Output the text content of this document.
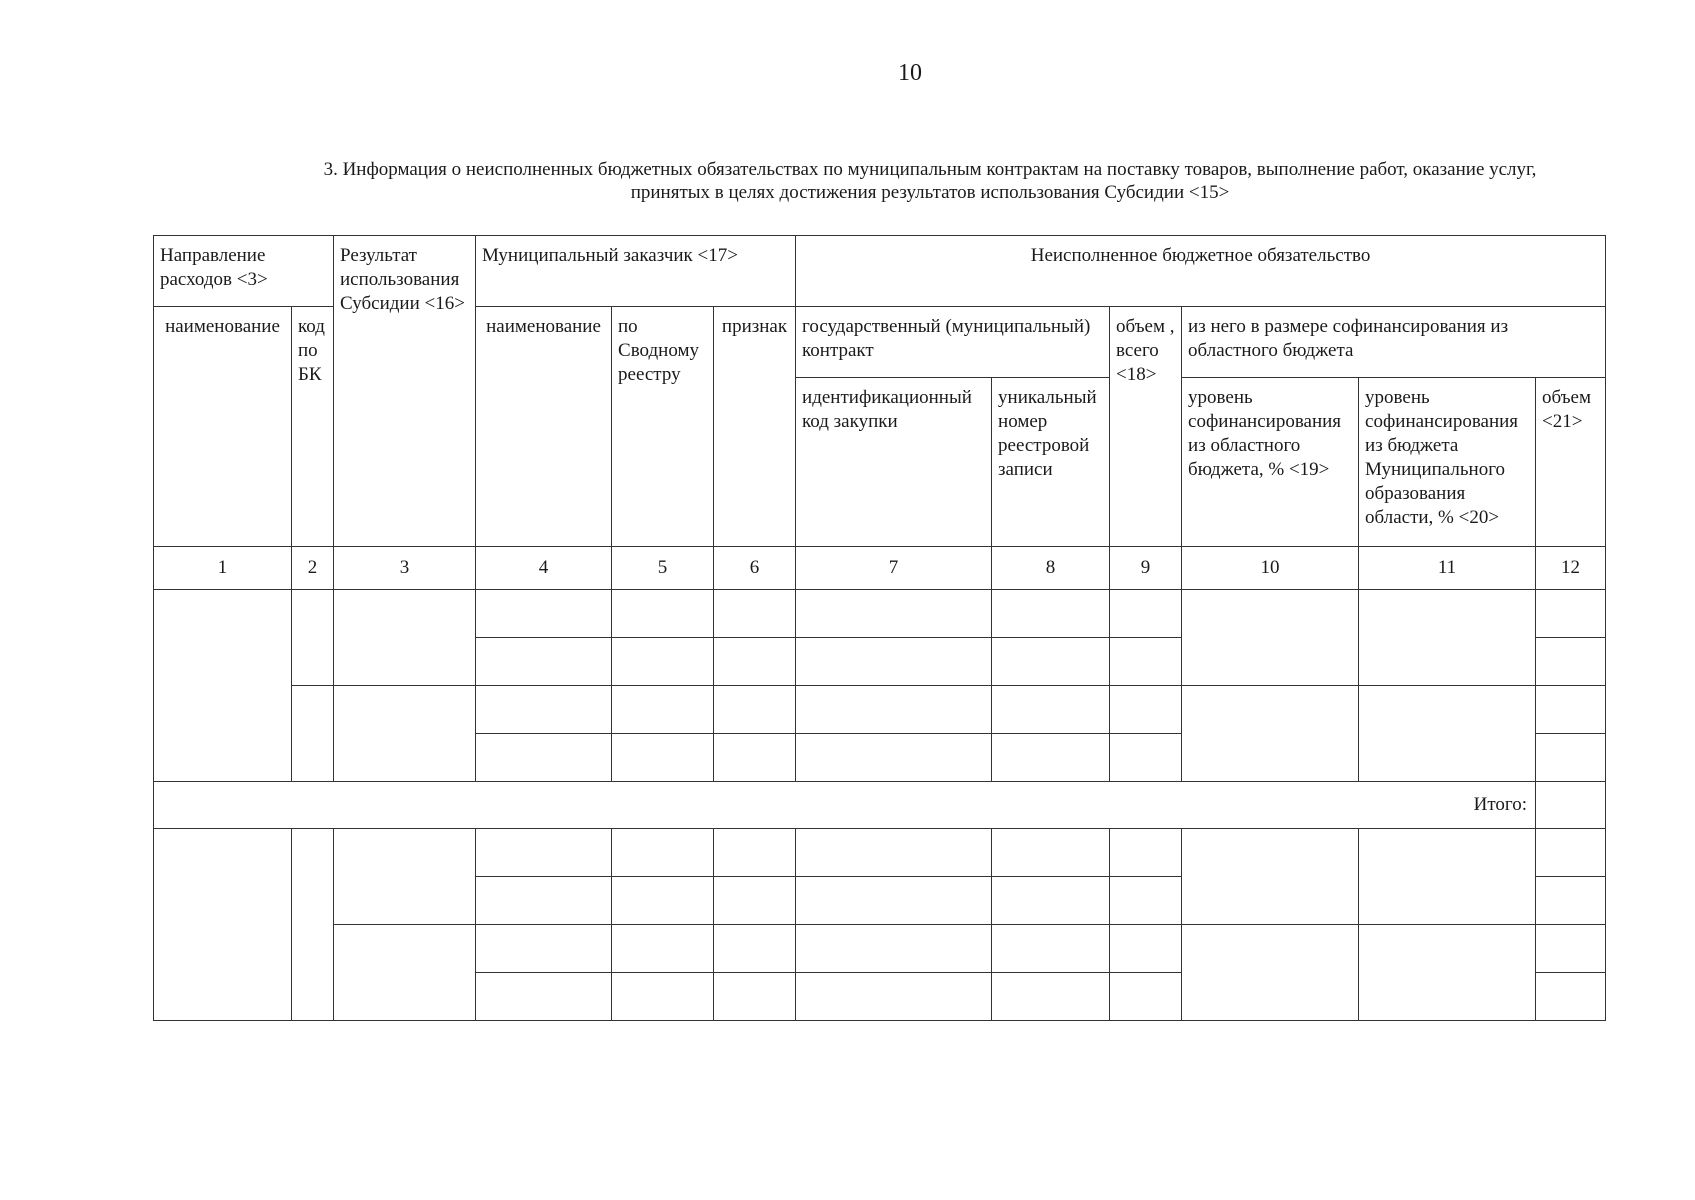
10
3. Информация о неисполненных бюджетных обязательствах по муниципальным контрактам на поставку товаров, выполнение работ, оказание услуг,
принятых в целях достижения результатов использования Субсидии <15>
Направление расходов <3>		Результат использования Субсидии <16>	Муниципальный заказчик <17>			Неисполненное бюджетное обязательство					
наименование	код по БК		наименование	по Сводному реестру	признак	государственный (муниципальный) контракт		объем , всего <18>	из него в размере софинансирования из областного бюджета		
						идентификационный код закупки	уникальный номер реестровой записи		уровень софинансирования из областного бюджета, % <19>	уровень софинансирования из бюджета Муниципального образования области, % <20>	объем <21>
1	2	3	4	5	6	7	8	9	10	11	12

Итого:											
